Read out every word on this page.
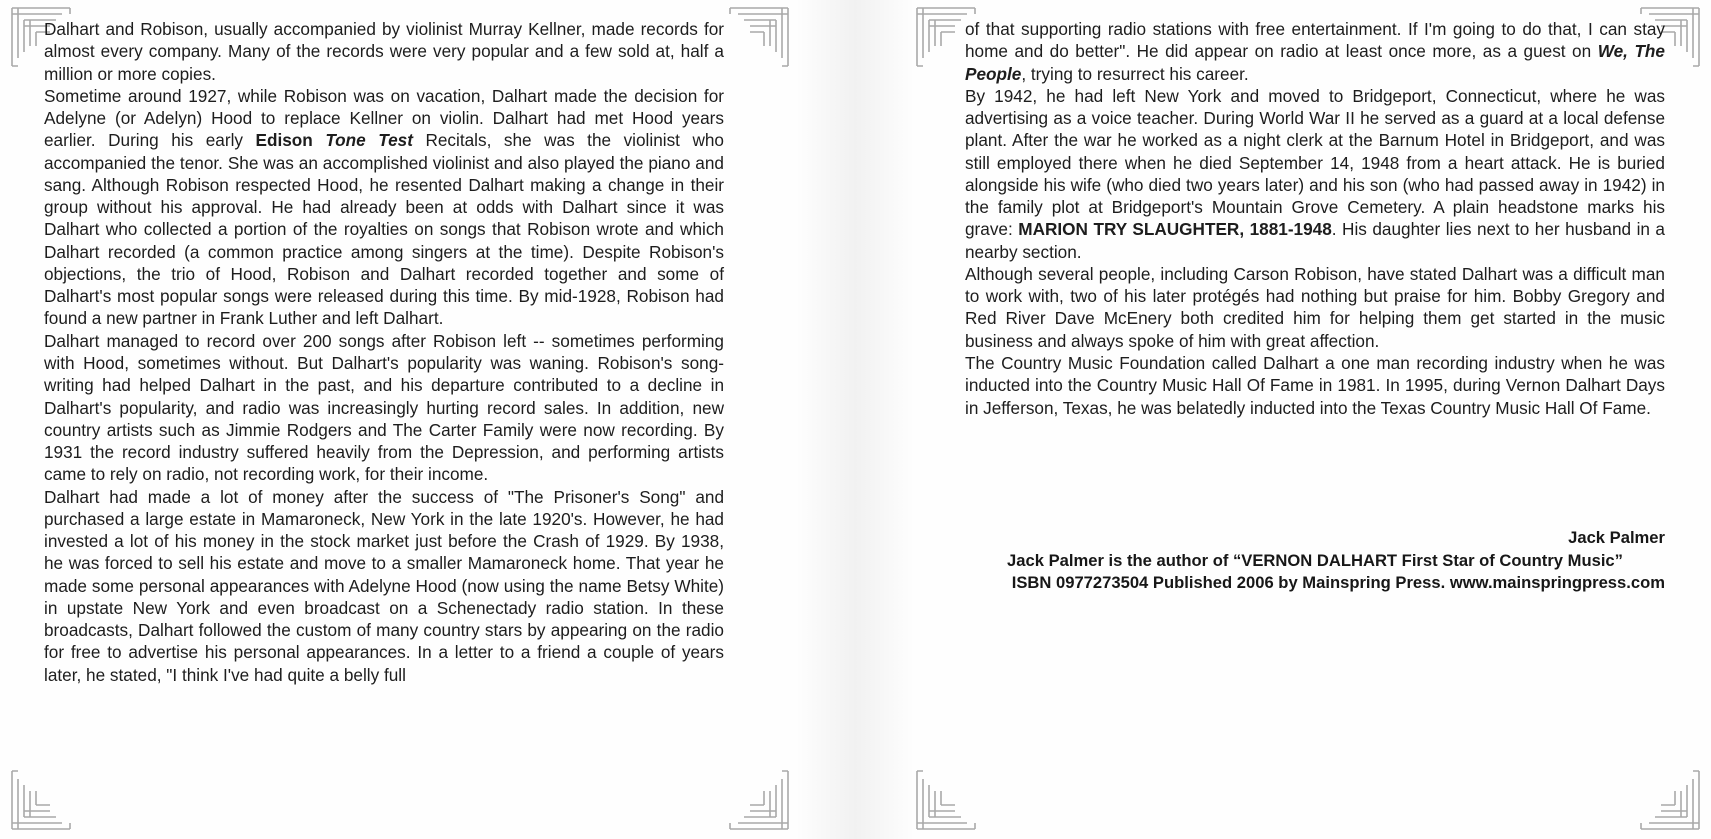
Dalhart and Robison, usually accompanied by violinist Murray Kellner, made records for almost every company. Many of the records were very popular and a few sold at, half a million or more copies.

Sometime around 1927, while Robison was on vacation, Dalhart made the decision for Adelyne (or Adelyn) Hood to replace Kellner on violin. Dalhart had met Hood years earlier. During his early Edison Tone Test Recitals, she was the violinist who accompanied the tenor. She was an accomplished violinist and also played the piano and sang. Although Robison respected Hood, he resented Dalhart making a change in their group without his approval. He had already been at odds with Dalhart since it was Dalhart who collected a portion of the royalties on songs that Robison wrote and which Dalhart recorded (a common practice among singers at the time). Despite Robison's objections, the trio of Hood, Robison and Dalhart recorded together and some of Dalhart's most popular songs were released during this time. By mid-1928, Robison had found a new partner in Frank Luther and left Dalhart.

Dalhart managed to record over 200 songs after Robison left -- sometimes performing with Hood, sometimes without. But Dalhart's popularity was waning. Robison's song-writing had helped Dalhart in the past, and his departure contributed to a decline in Dalhart's popularity, and radio was increasingly hurting record sales. In addition, new country artists such as Jimmie Rodgers and The Carter Family were now recording. By 1931 the record industry suffered heavily from the Depression, and performing artists came to rely on radio, not recording work, for their income.

Dalhart had made a lot of money after the success of "The Prisoner's Song" and purchased a large estate in Mamaroneck, New York in the late 1920's. However, he had invested a lot of his money in the stock market just before the Crash of 1929. By 1938, he was forced to sell his estate and move to a smaller Mamaroneck home. That year he made some personal appearances with Adelyne Hood (now using the name Betsy White) in upstate New York and even broadcast on a Schenectady radio station. In these broadcasts, Dalhart followed the custom of many country stars by appearing on the radio for free to advertise his personal appearances. In a letter to a friend a couple of years later, he stated, "I think I've had quite a belly full

of that supporting radio stations with free entertainment. If I'm going to do that, I can stay home and do better". He did appear on radio at least once more, as a guest on We, The People, trying to resurrect his career.

By 1942, he had left New York and moved to Bridgeport, Connecticut, where he was advertising as a voice teacher. During World War II he served as a guard at a local defense plant. After the war he worked as a night clerk at the Barnum Hotel in Bridgeport, and was still employed there when he died September 14, 1948 from a heart attack. He is buried alongside his wife (who died two years later) and his son (who had passed away in 1942) in the family plot at Bridgeport's Mountain Grove Cemetery. A plain headstone marks his grave: MARION TRY SLAUGHTER, 1881-1948. His daughter lies next to her husband in a nearby section.

Although several people, including Carson Robison, have stated Dalhart was a difficult man to work with, two of his later protégés had nothing but praise for him. Bobby Gregory and Red River Dave McEnery both credited him for helping them get started in the music business and always spoke of him with great affection.

The Country Music Foundation called Dalhart a one man recording industry when he was inducted into the Country Music Hall Of Fame in 1981. In 1995, during Vernon Dalhart Days in Jefferson, Texas, he was belatedly inducted into the Texas Country Music Hall Of Fame.

Jack Palmer
Jack Palmer is the author of “VERNON DALHART First Star of Country Music”
ISBN 0977273504 Published 2006 by Mainspring Press. www.mainspringpress.com
